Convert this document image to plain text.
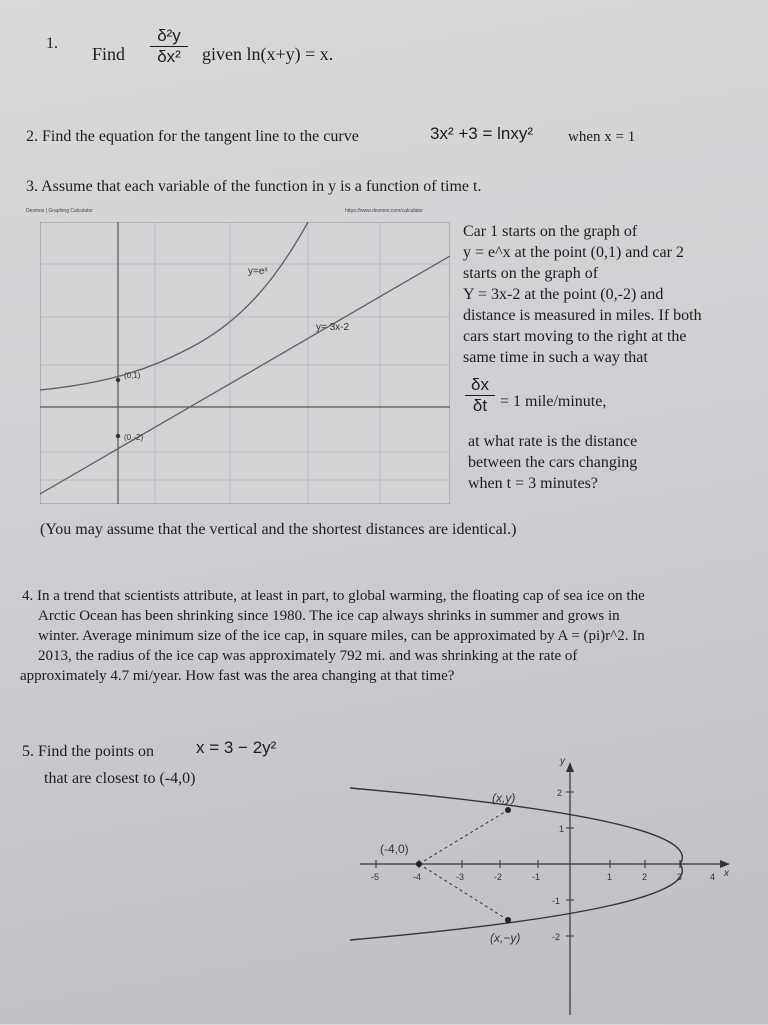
1.
Find
δ²y
δx²	given ln(x+y) = x.
2. Find the equation for the tangent line to the curve	3x² +3 = lnxy² when x = 1
3. Assume that each variable of the function in y is a function of time t.
Desmos | Graphing Calculator	https://www.desmos.com/calculator
y=eˣ
y= 3x-2
(0,1)
(0,-2)
Car 1 starts on the graph of
y = e^x at the point (0,1) and car 2
starts on the graph of
Y = 3x-2 at the point (0,-2) and
distance is measured in miles. If both
cars start moving to the right at the
same time in such a way that
δx
δt = 1 mile/minute,
at what rate is the distance
between the cars changing
when t = 3 minutes?
(You may assume that the vertical and the shortest distances are identical.)
4. In a trend that scientists attribute, at least in part, to global warming, the floating cap of sea ice on the
Arctic Ocean has been shrinking since 1980. The ice cap always shrinks in summer and grows in
winter. Average minimum size of the ice cap, in square miles, can be approximated by A = (pi)r^2. In
2013, the radius of the ice cap was approximately 792 mi. and was shrinking at the rate of
approximately 4.7 mi/year. How fast was the area changing at that time?
5. Find the points on x = 3 − 2y²
that are closest to (-4,0)
x
y
(x,y)
(x,−y)
(-4,0)
-5	-4	-3	-2	-1	1	2	3	4
2
1
-1
-2
